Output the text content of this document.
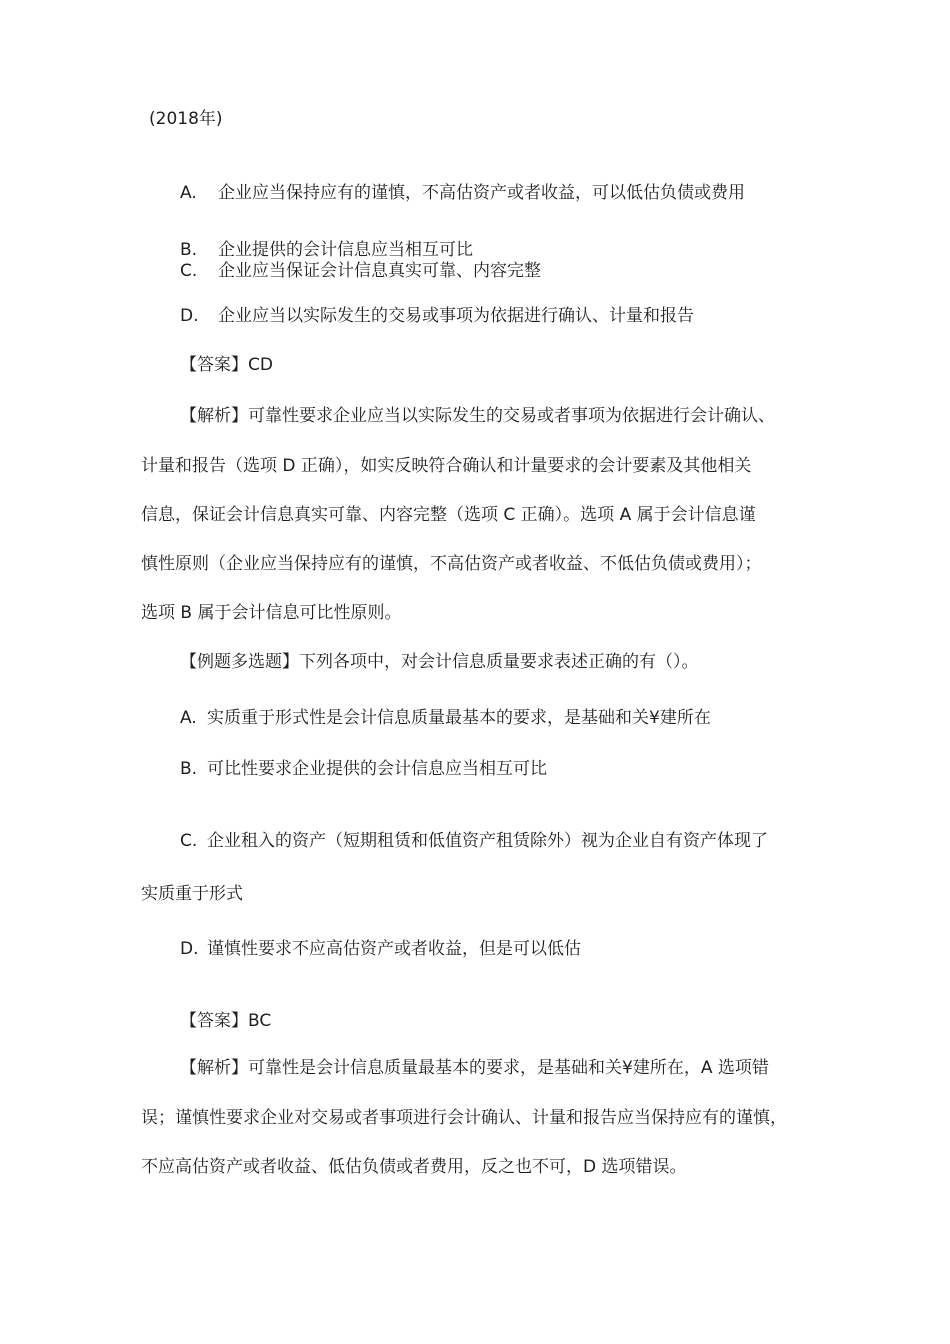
(2018年)
A. 企业应当保持应有的谨慎，不高估资产或者收益，可以低估负债或费用
B. 企业提供的会计信息应当相互可比
C. 企业应当保证会计信息真实可靠、内容完整
D. 企业应当以实际发生的交易或事项为依据进行确认、计量和报告
【答案】CD
【解析】可靠性要求企业应当以实际发生的交易或者事项为依据进行会计确认、
计量和报告（选项 D 正确），如实反映符合确认和计量要求的会计要素及其他相关
信息，保证会计信息真实可靠、内容完整（选项 C 正确）。选项 A 属于会计信息谨
慎性原则（企业应当保持应有的谨慎，不高估资产或者收益、不低估负债或费用）；
选项 B 属于会计信息可比性原则。
【例题多选题】下列各项中，对会计信息质量要求表述正确的有（）。
A. 实质重于形式性是会计信息质量最基本的要求，是基础和关¥建所在
B. 可比性要求企业提供的会计信息应当相互可比
C. 企业租入的资产（短期租赁和低值资产租赁除外）视为企业自有资产体现了
实质重于形式
D. 谨慎性要求不应高估资产或者收益，但是可以低估
【答案】BC
【解析】可靠性是会计信息质量最基本的要求，是基础和关¥建所在，A 选项错
误；谨慎性要求企业对交易或者事项进行会计确认、计量和报告应当保持应有的谨慎，
不应高估资产或者收益、低估负债或者费用，反之也不可，D 选项错误。
